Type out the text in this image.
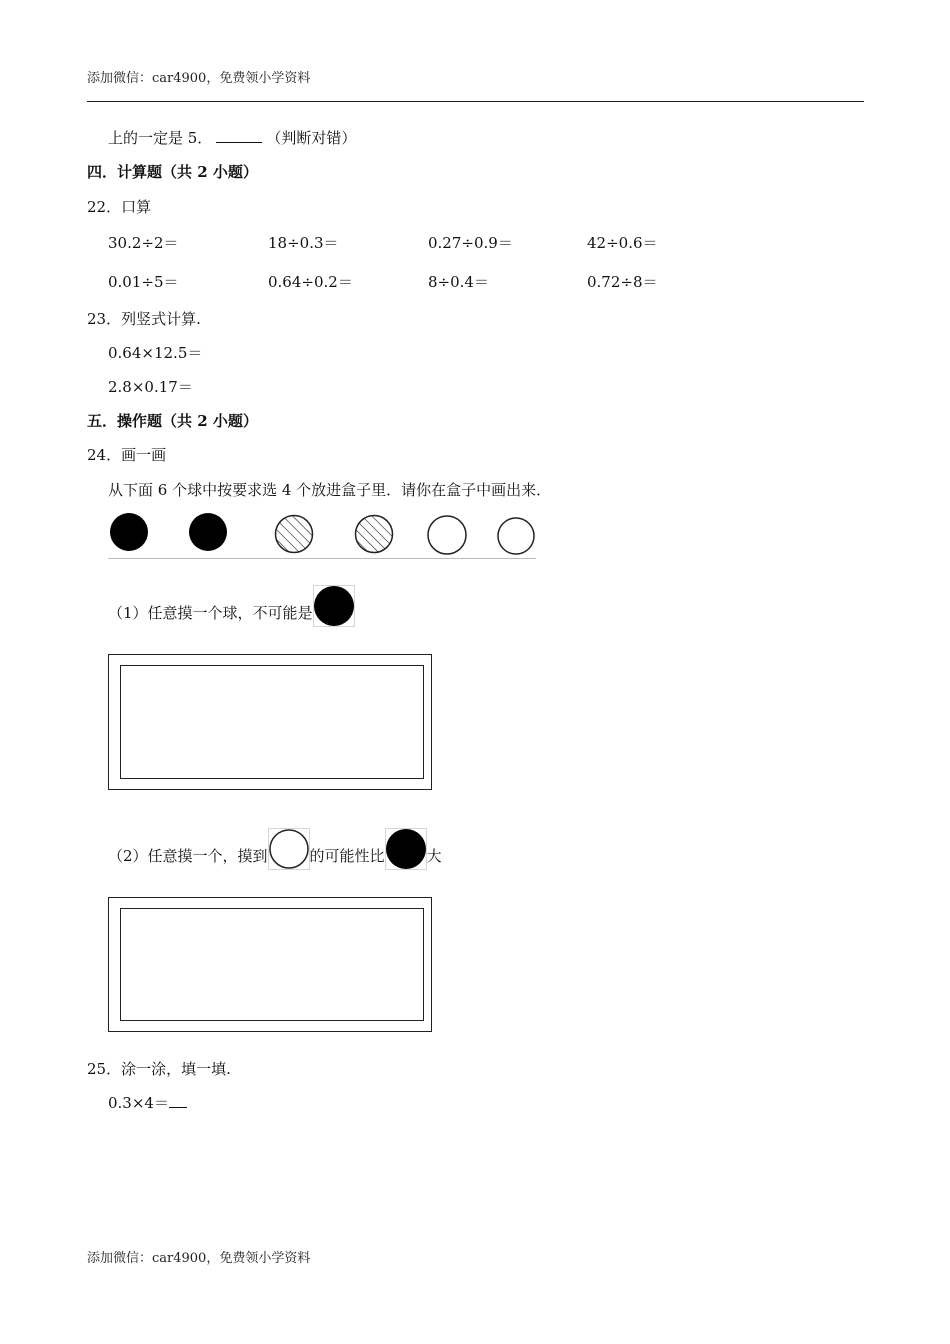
添加微信：car4900，免费领小学资料
上的一定是 5．	（判断对错）
四．计算题（共 2 小题）
22．口算
30.2÷2＝	18÷0.3＝	0.27÷0.9＝	42÷0.6＝
0.01÷5＝	0.64÷0.2＝	8÷0.4＝	0.72÷8＝
23．列竖式计算.
0.64×12.5＝
2.8×0.17＝
五．操作题（共 2 小题）
24．画一画
从下面 6 个球中按要求选 4 个放进盒子里．请你在盒子中画出来．
（1）任意摸一个球，不可能是
（2）任意摸一个，摸到	的可能性比	大
25．涂一涂，填一填.
0.3×4＝
添加微信：car4900，免费领小学资料
